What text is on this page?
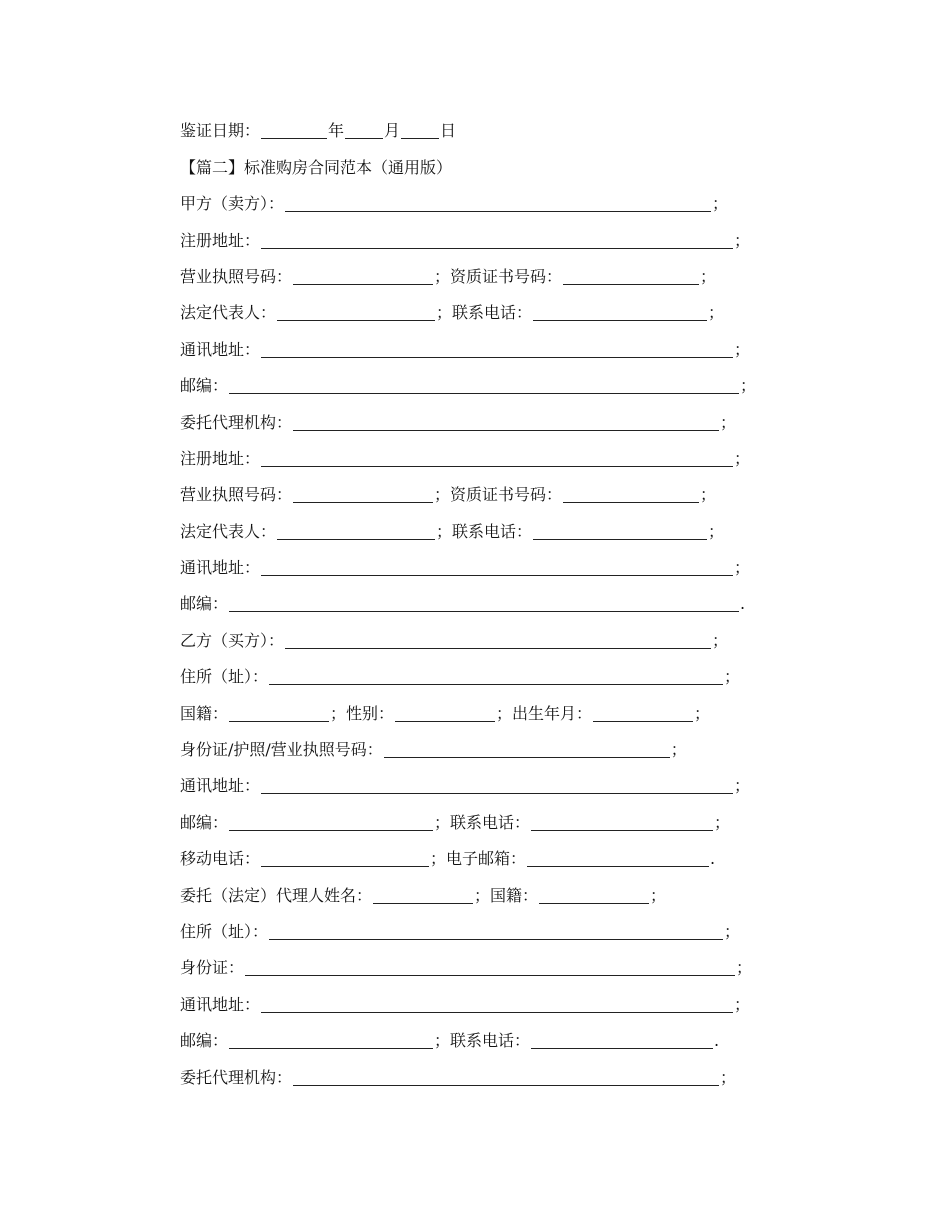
鉴证日期：	年	月	日
【篇二】标准购房合同范本（通用版）
甲方（卖方）：	；
注册地址：	；
营业执照号码：	；资质证书号码：	；
法定代表人：	；联系电话：	；
通讯地址：	；
邮编：	；
委托代理机构：	；
注册地址：	；
营业执照号码：	；资质证书号码：	；
法定代表人：	；联系电话：	；
通讯地址：	；
邮编：	.
乙方（买方）：	；
住所（址）：	；
国籍：	；性别：	；出生年月：	；
身份证/护照/营业执照号码：	；
通讯地址：	；
邮编：	；联系电话：	；
移动电话：	；电子邮箱：	.
委托（法定）代理人姓名：	；国籍：	；
住所（址）：	；
身份证：	；
通讯地址：	；
邮编：	；联系电话：	.
委托代理机构：	；
